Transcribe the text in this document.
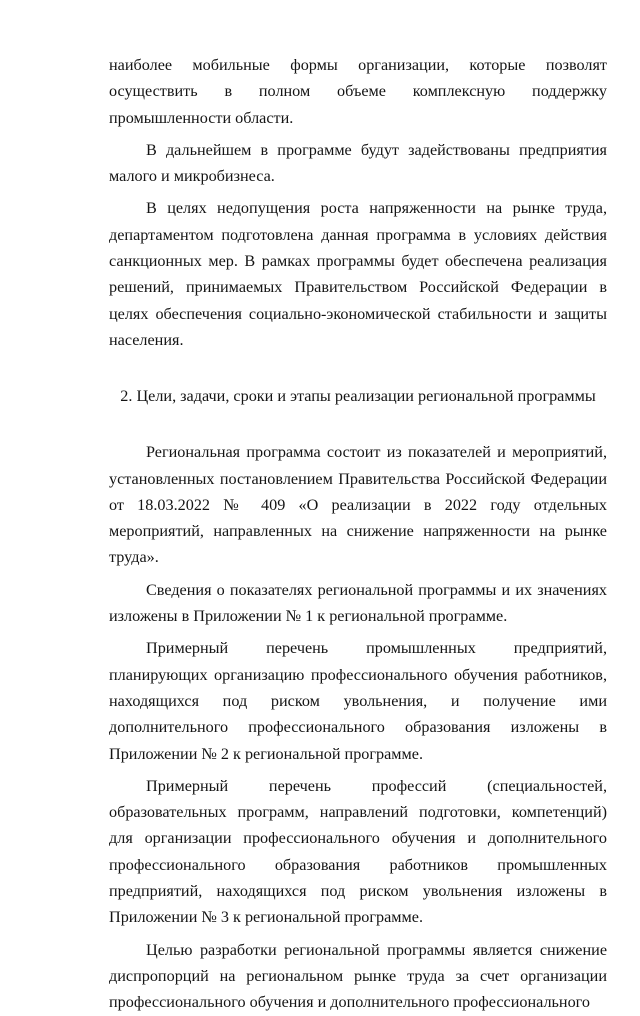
наиболее мобильные формы организации, которые позволят осуществить в полном объеме комплексную поддержку промышленности области.

В дальнейшем в программе будут задействованы предприятия малого и микробизнеса.

В целях недопущения роста напряженности на рынке труда, департаментом подготовлена данная программа в условиях действия санкционных мер. В рамках программы будет обеспечена реализация решений, принимаемых Правительством Российской Федерации в целях обеспечения социально-экономической стабильности и защиты населения.

2. Цели, задачи, сроки и этапы реализации региональной программы

Региональная программа состоит из показателей и мероприятий, установленных постановлением Правительства Российской Федерации от 18.03.2022 № 409 «О реализации в 2022 году отдельных мероприятий, направленных на снижение напряженности на рынке труда».

Сведения о показателях региональной программы и их значениях изложены в Приложении № 1 к региональной программе.

Примерный перечень промышленных предприятий, планирующих организацию профессионального обучения работников, находящихся под риском увольнения, и получение ими дополнительного профессионального образования изложены в Приложении № 2 к региональной программе.

Примерный перечень профессий (специальностей, образовательных программ, направлений подготовки, компетенций) для организации профессионального обучения и дополнительного профессионального образования работников промышленных предприятий, находящихся под риском увольнения изложены в Приложении № 3 к региональной программе.

Целью разработки региональной программы является снижение диспропорций на региональном рынке труда за счет организации профессионального обучения и дополнительного профессионального
